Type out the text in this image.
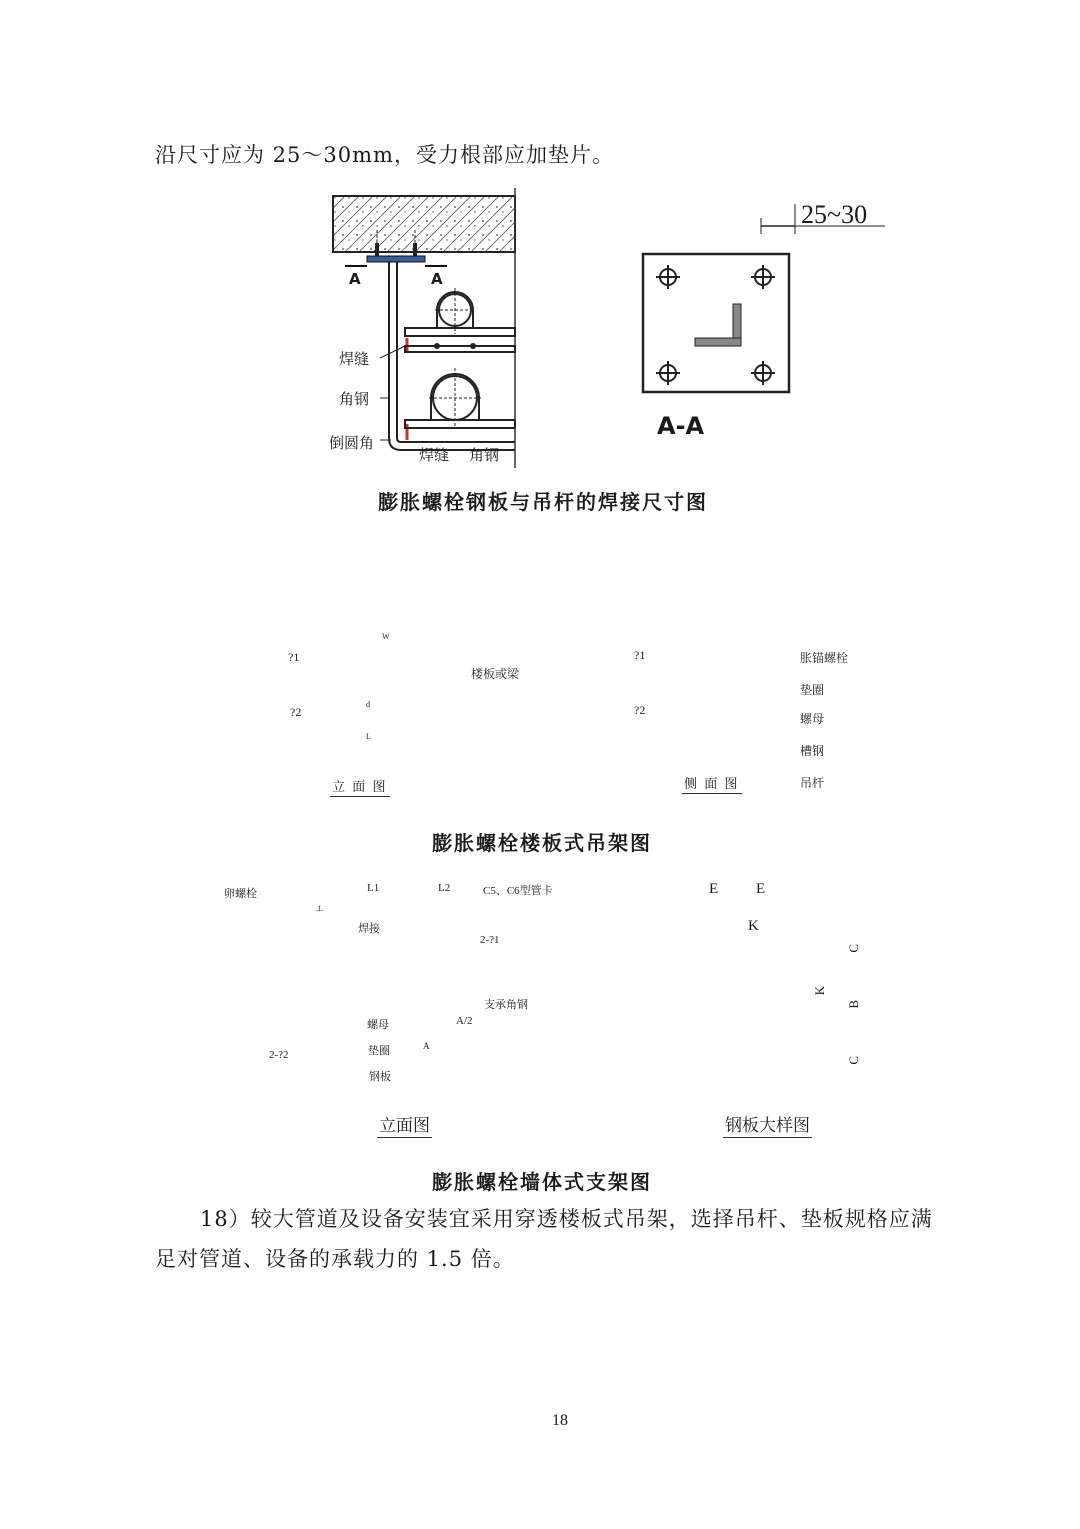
沿尺寸应为 25～30mm，受力根部应加垫片。
A	A
焊缝
角钢
倒圆角
焊缝 角钢
25~30
A-A
膨胀螺栓钢板与吊杆的焊接尺寸图
?1
?2
W
d
L
楼板或梁
?1
?2
胀锚螺栓
垫圈
螺母
槽钢
吊杆
立 面 图	侧 面 图
膨胀螺栓楼板式吊架图
卵螺栓
.t.
L1	L2	C5、C6型管卡
焊接
2-?1
支承角钢
螺母	A/2
垫圈	A
钢板
2-?2
E	E
K
K
C
B
C
立面图	钢板大样图
膨胀螺栓墙体式支架图
18）较大管道及设备安装宜采用穿透楼板式吊架，选择吊杆、垫板规格应满
足对管道、设备的承载力的 1.5 倍。
18
